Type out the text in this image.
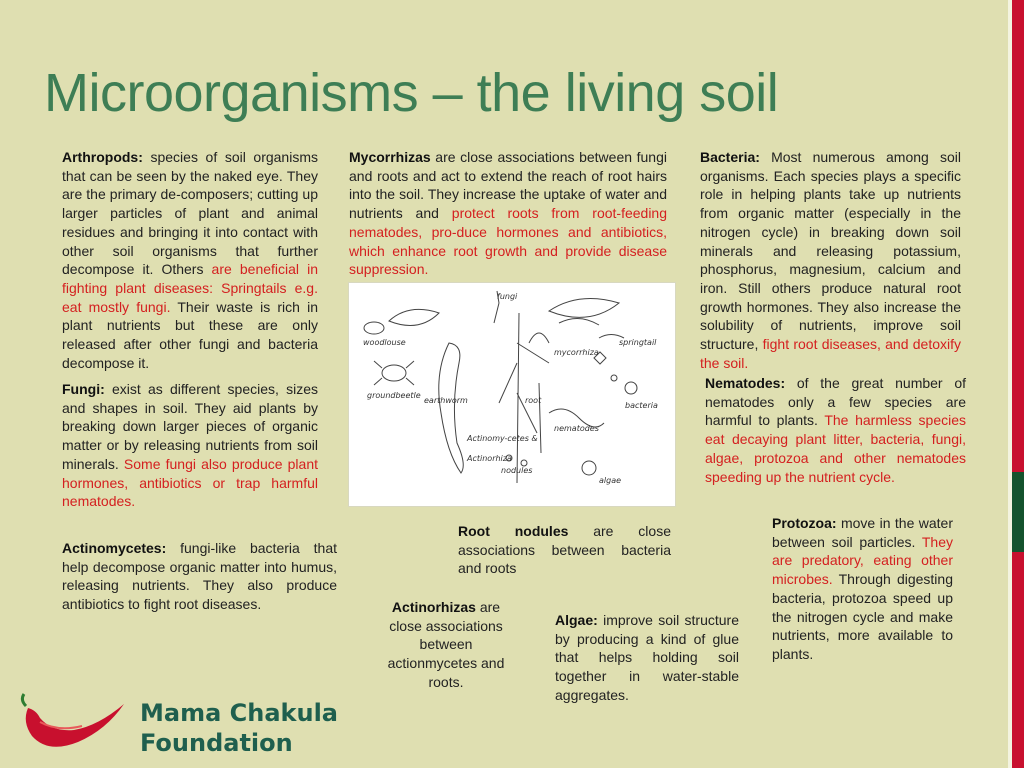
Microorganisms – the living soil

Arthropods: species of soil organisms that can be seen by the naked eye. They are the primary de-composers; cutting up larger particles of plant and animal residues and bringing it into contact with other soil organisms that further decompose it. Others are beneficial in fighting plant diseases: Springtails e.g. eat mostly fungi. Their waste is rich in plant nutrients but these are only released after other fungi and bacteria decompose it.

Fungi: exist as different species, sizes and shapes in soil. They aid plants by breaking down larger pieces of organic matter or by releasing nutrients from soil minerals. Some fungi also produce plant hormones, antibiotics or trap harmful nematodes.

Actinomycetes: fungi-like bacteria that help decompose organic matter into humus, releasing nutrients. They also produce antibiotics to fight root diseases.

Mycorrhizas are close associations between fungi and roots and act to extend the reach of root hairs into the soil. They increase the uptake of water and nutrients and protect roots from root-feeding nematodes, pro-duce hormones and antibiotics, which enhance root growth and provide disease suppression.

Bacteria: Most numerous among soil organisms. Each species plays a specific role in helping plants take up nutrients from organic matter (especially in the nitrogen cycle) in breaking down soil minerals and releasing potassium, phosphorus, magnesium, calcium and iron. Still others produce natural root growth hormones. They also increase the solubility of nutrients, improve soil structure, fight root diseases, and detoxify the soil.

Nematodes: of the great number of nematodes only a few species are harmful to plants. The harmless species eat decaying plant litter, bacteria, fungi, algae, protozoa and other nematodes speeding up the nutrient cycle.

woodlouse
fungi
mycorrhiza
springtail
groundbeetle
earthworm	root
bacteria
nematodes
Actinomy-cetes &
Actinorhiza
nodules
algae

Root nodules are close associations between bacteria and roots

Actinorhizas are close associations between actionmycetes and roots.

Algae: improve soil structure by producing a kind of glue that helps holding soil together in water-stable aggregates.

Protozoa: move in the water between soil particles. They are predatory, eating other microbes. Through digesting bacteria, protozoa speed up the nitrogen cycle and make nutrients, more available to plants.

Mama Chakula
Foundation
